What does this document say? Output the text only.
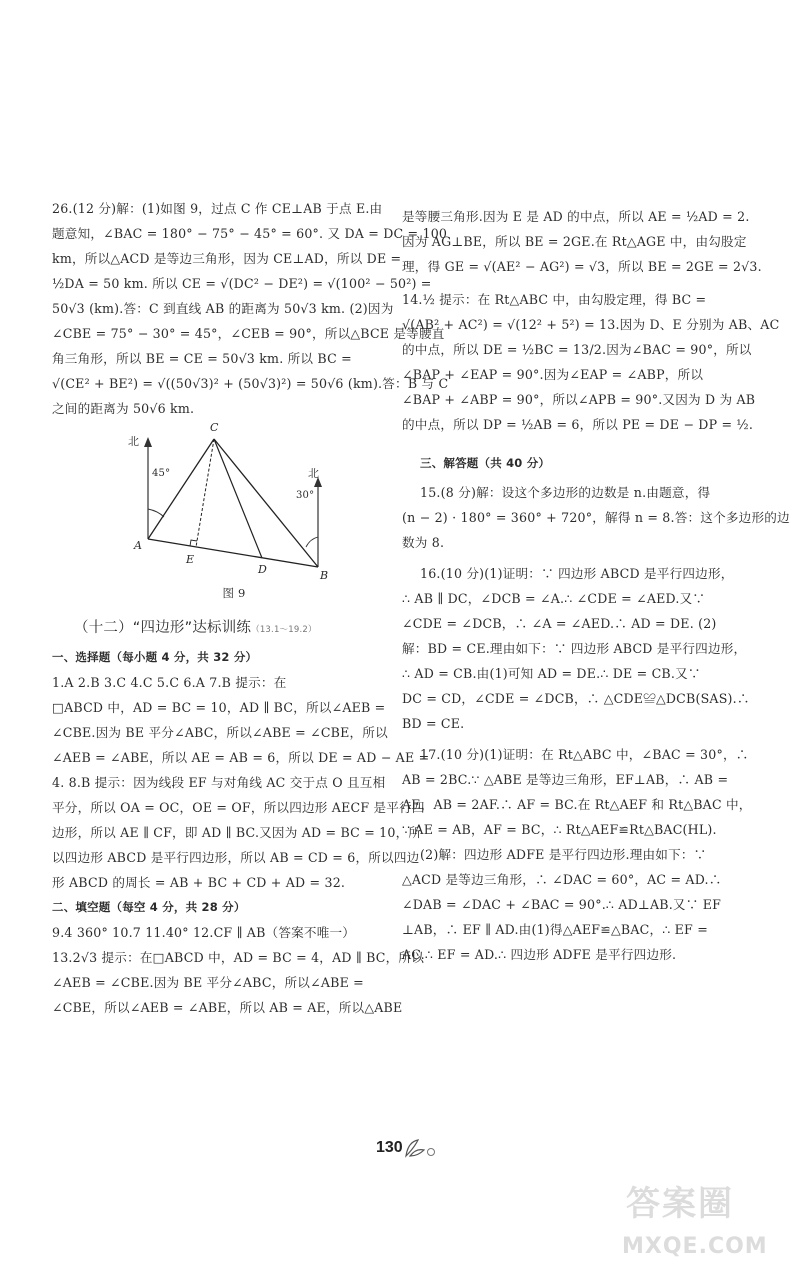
26.(12 分)解：(1)如图 9，过点 C 作 CE⊥AB 于点 E.由
题意知，∠BAC = 180° − 75° − 45° = 60°. 又 DA = DC = 100
km，所以△ACD 是等边三角形，因为 CE⊥AD，所以 DE =
½DA = 50 km. 所以 CE = √(DC² − DE²) = √(100² − 50²) =
50√3 (km).答：C 到直线 AB 的距离为 50√3 km. (2)因为
∠CBE = 75° − 30° = 45°，∠CEB = 90°，所以△BCE 是等腰直
角三角形，所以 BE = CE = 50√3 km. 所以 BC =
√(CE² + BE²) = √((50√3)² + (50√3)²) = 50√6 (km).答：B 与 C
之间的距离为 50√6 km.
北
北
45°
30°
C
A
E
D	B
图 9
（十二）“四边形”达标训练（13.1～19.2）
一、选择题（每小题 4 分，共 32 分）
1.A 2.B 3.C 4.C 5.C 6.A 7.B 提示：在
□ABCD 中，AD = BC = 10，AD ∥ BC，所以∠AEB =
∠CBE.因为 BE 平分∠ABC，所以∠ABE = ∠CBE，所以
∠AEB = ∠ABE，所以 AE = AB = 6，所以 DE = AD − AE =
4. 8.B 提示：因为线段 EF 与对角线 AC 交于点 O 且互相
平分，所以 OA = OC，OE = OF，所以四边形 AECF 是平行四
边形，所以 AE ∥ CF，即 AD ∥ BC.又因为 AD = BC = 10，所
以四边形 ABCD 是平行四边形，所以 AB = CD = 6，所以四边
形 ABCD 的周长 = AB + BC + CD + AD = 32.
二、填空题（每空 4 分，共 28 分）
9.4 360° 10.7 11.40° 12.CF ∥ AB（答案不唯一）
13.2√3 提示：在□ABCD 中，AD = BC = 4，AD ∥ BC，所以
∠AEB = ∠CBE.因为 BE 平分∠ABC，所以∠ABE =
∠CBE，所以∠AEB = ∠ABE，所以 AB = AE，所以△ABE
是等腰三角形.因为 E 是 AD 的中点，所以 AE = ½AD = 2.
因为 AG⊥BE，所以 BE = 2GE.在 Rt△AGE 中，由勾股定
理，得 GE = √(AE² − AG²) = √3，所以 BE = 2GE = 2√3.
14.½ 提示：在 Rt△ABC 中，由勾股定理，得 BC =
√(AB² + AC²) = √(12² + 5²) = 13.因为 D、E 分别为 AB、AC
的中点，所以 DE = ½BC = 13/2.因为∠BAC = 90°，所以
∠BAP + ∠EAP = 90°.因为∠EAP = ∠ABP，所以
∠BAP + ∠ABP = 90°，所以∠APB = 90°.又因为 D 为 AB
的中点，所以 DP = ½AB = 6，所以 PE = DE − DP = ½.
三、解答题（共 40 分）
15.(8 分)解：设这个多边形的边数是 n.由题意，得
(n − 2) · 180° = 360° + 720°，解得 n = 8.答：这个多边形的边
数为 8.
16.(10 分)(1)证明：∵ 四边形 ABCD 是平行四边形，
∴ AB ∥ DC，∠DCB = ∠A.∴ ∠CDE = ∠AED.又∵
∠CDE = ∠DCB，∴ ∠A = ∠AED.∴ AD = DE. (2)
解：BD = CE.理由如下：∵ 四边形 ABCD 是平行四边形，
∴ AD = CB.由(1)可知 AD = DE.∴ DE = CB.又∵
DC = CD，∠CDE = ∠DCB，∴ △CDE≌△DCB(SAS).∴
BD = CE.
17.(10 分)(1)证明：在 Rt△ABC 中，∠BAC = 30°，∴
AB = 2BC.∵ △ABE 是等边三角形，EF⊥AB，∴ AB =
AE，AB = 2AF.∴ AF = BC.在 Rt△AEF 和 Rt△BAC 中，
∵ AE = AB，AF = BC，∴ Rt△AEF≌Rt△BAC(HL).
(2)解：四边形 ADFE 是平行四边形.理由如下：∵
△ACD 是等边三角形，∴ ∠DAC = 60°，AC = AD.∴
∠DAB = ∠DAC + ∠BAC = 90°.∴ AD⊥AB.又∵ EF
⊥AB，∴ EF ∥ AD.由(1)得△AEF≌△BAC，∴ EF =
AC.∴ EF = AD.∴ 四边形 ADFE 是平行四边形.
130
答案圈
MXQE.COM
